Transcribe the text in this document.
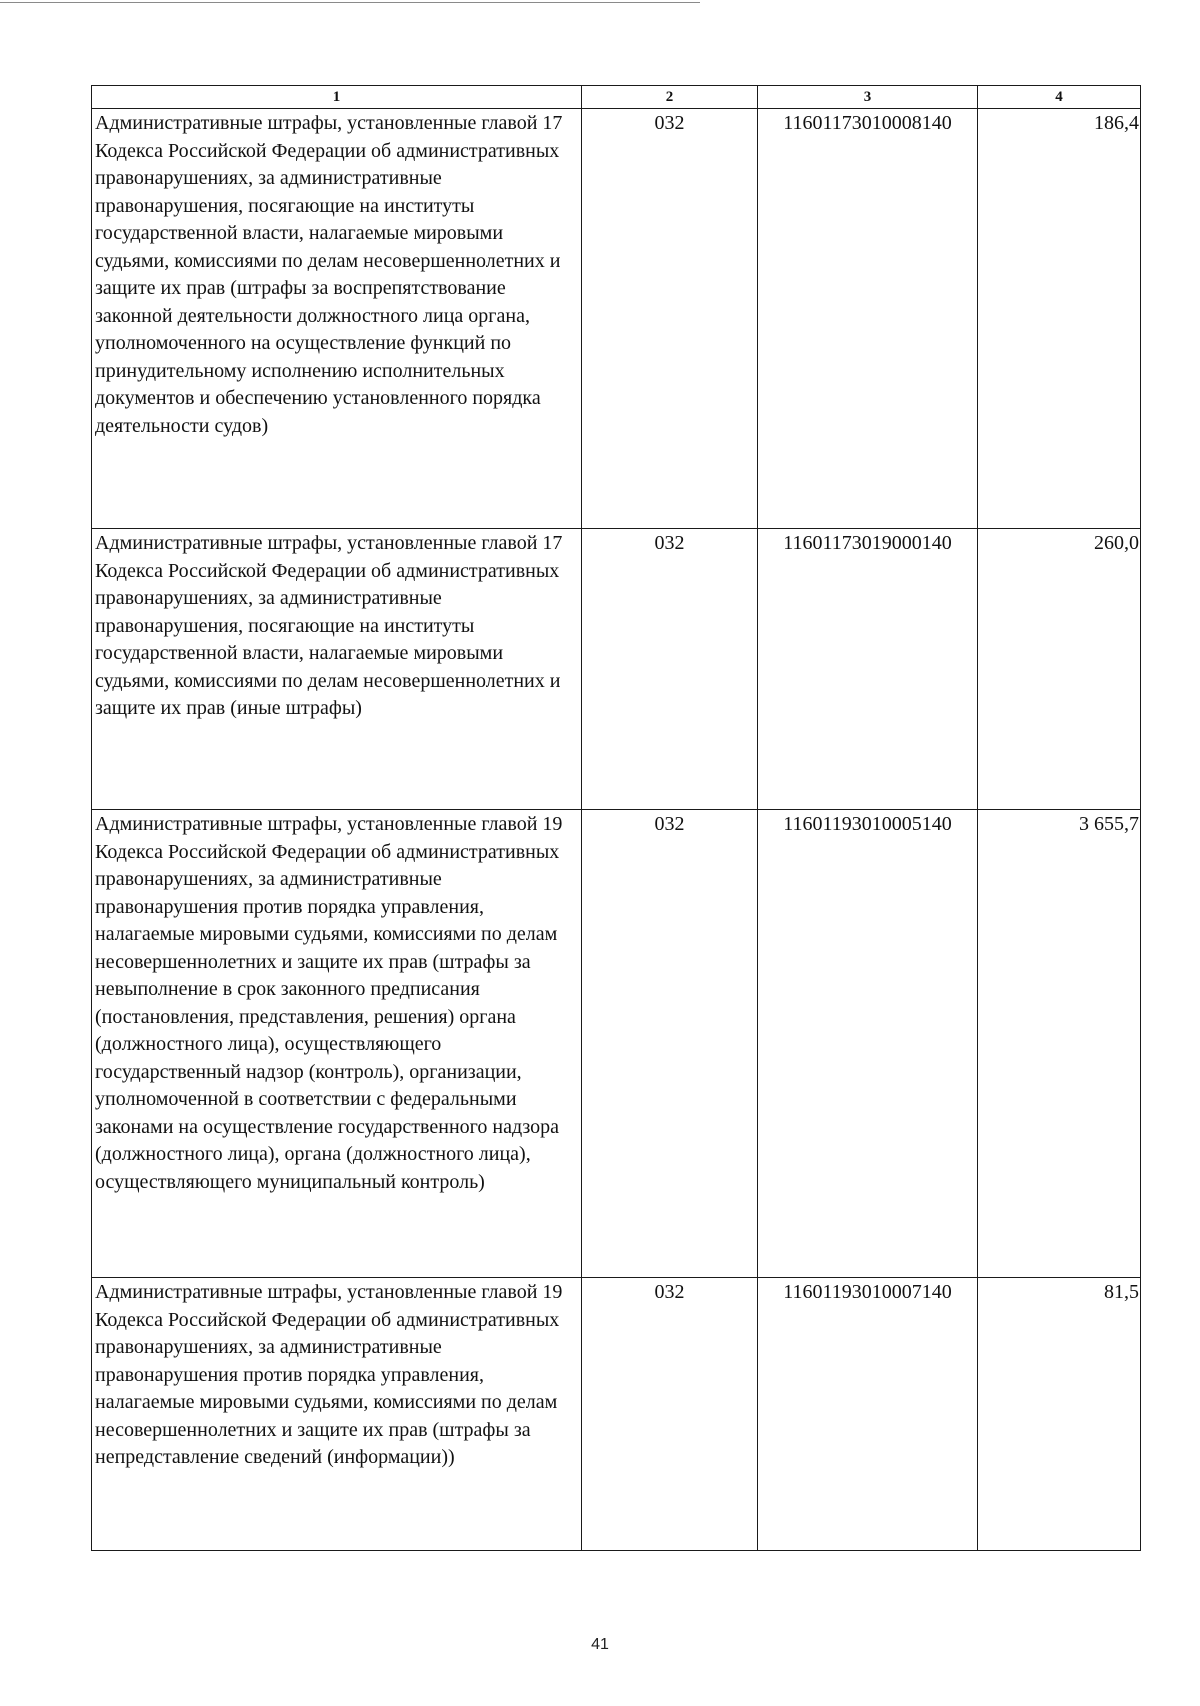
1	2	3	4
Административные штрафы, установленные главой 17 Кодекса Российской Федерации об административных правонарушениях, за административные правонарушения, посягающие на институты государственной власти, налагаемые мировыми судьями, комиссиями по делам несовершеннолетних и защите их прав (штрафы за воспрепятствование законной деятельности должностного лица органа, уполномоченного на осуществление функций по принудительному исполнению исполнительных документов и обеспечению установленного порядка деятельности судов)	032	11601173010008140	186,4
Административные штрафы, установленные главой 17 Кодекса Российской Федерации об административных правонарушениях, за административные правонарушения, посягающие на институты государственной власти, налагаемые мировыми судьями, комиссиями по делам несовершеннолетних и защите их прав (иные штрафы)	032	11601173019000140	260,0
Административные штрафы, установленные главой 19 Кодекса Российской Федерации об административных правонарушениях, за административные правонарушения против порядка управления, налагаемые мировыми судьями, комиссиями по делам несовершеннолетних и защите их прав (штрафы за невыполнение в срок законного предписания (постановления, представления, решения) органа (должностного лица), осуществляющего государственный надзор (контроль), организации, уполномоченной в соответствии с федеральными законами на осуществление государственного надзора (должностного лица), органа (должностного лица), осуществляющего муниципальный контроль)	032	11601193010005140	3 655,7
Административные штрафы, установленные главой 19 Кодекса Российской Федерации об административных правонарушениях, за административные правонарушения против порядка управления, налагаемые мировыми судьями, комиссиями по делам несовершеннолетних и защите их прав (штрафы за непредставление сведений (информации))	032	11601193010007140	81,5
41
